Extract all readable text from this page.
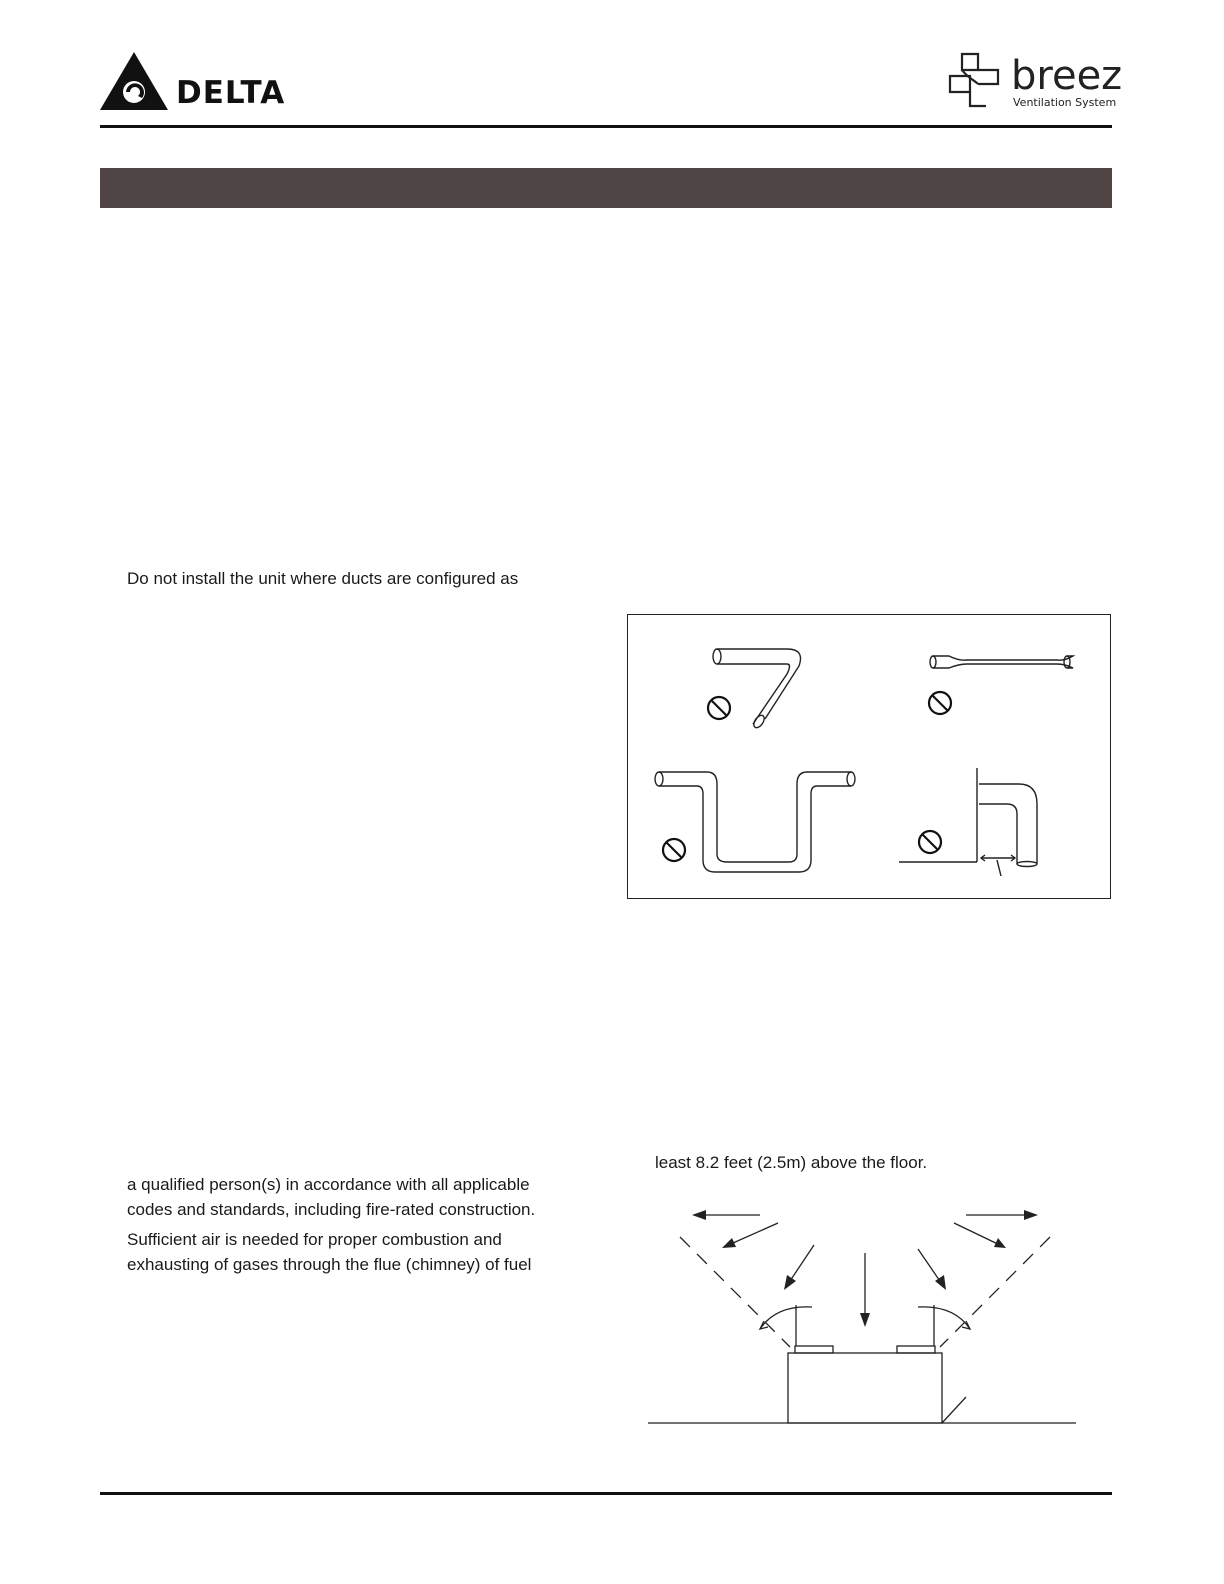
DELTA	breez
Ventilation System
Do not install the unit where ducts are configured as
least 8.2 feet (2.5m) above the floor.
a qualified person(s) in accordance with all applicable
codes and standards, including fire-rated construction.
Sufficient air is needed for proper combustion and
exhausting of gases through the flue (chimney) of fuel
